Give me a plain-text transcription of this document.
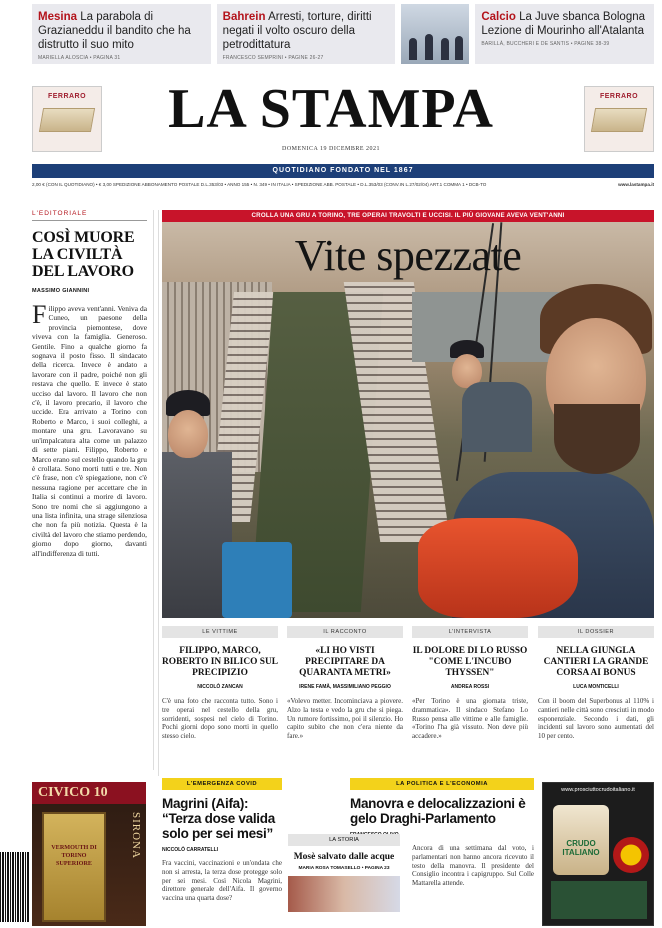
Mesina La parabola di Grazianeddu il bandito che ha distrutto il suo mito
MARIELLA ALOSCIA • PAGINA 31
Bahrein Arresti, torture, diritti negati il volto oscuro della petrodittatura
FRANCESCO SEMPRINI • PAGINE 26-27
Calcio La Juve sbanca Bologna Lezione di Mourinho all'Atalanta
BARILLÀ, BUCCHERI E DE SANTIS • PAGINE 38-39
FERRARO	LA STAMPA
DOMENICA 19 DICEMBRE 2021
FERRARO
QUOTIDIANO FONDATO NEL 1867
2,00 € (CON IL QUOTIDIANO) • € 3,00 SPEDIZIONE ABBONAMENTO POSTALE D.L.353/03 • ANNO 155 • N. 349 • IN ITALIA • SPEDIZIONE ABB. POSTALE • D.L.353/03 (CONV.IN L.27/02/04) ART.1 COMMA 1 • DCB-TO	www.lastampa.it
L'EDITORIALE
COSÌ MUORE LA CIVILTÀ DEL LAVORO
MASSIMO GIANNINI
Filippo aveva vent'anni. Veniva da Cuneo, un paesone della provincia piemontese, dove viveva con la famiglia. Generoso. Gentile. Fino a qualche giorno fa sognava il posto fisso. Il sindacato della ricerca. Invece è andato a lavorare con il padre, poiché non gli restava che quello. E invece è stato ucciso dal lavoro. Il lavoro che non c'è, il lavoro precario, il lavoro che uccide. Era arrivato a Torino con Roberto e Marco, i suoi colleghi, a montare una gru. Lavoravano su un'impalcatura alta come un palazzo di sette piani. Filippo, Roberto e Marco erano sul cestello quando la gru è crollata. Sono morti tutti e tre. Non c'è frase, non c'è spiegazione, non c'è nessuna ragione per accettare che in Italia si continui a morire di lavoro. Sono tre nomi che si aggiungono a una lista infinita, una strage silenziosa che non fa più notizia. Questa è la civiltà del lavoro che stiamo perdendo, giorno dopo giorno, davanti all'indifferenza di tutti.
CROLLA UNA GRU A TORINO, TRE OPERAI TRAVOLTI E UCCISI. IL PIÙ GIOVANE AVEVA VENT'ANNI
Vite spezzate
LE VITTIME
FILIPPO, MARCO, ROBERTO IN BILICO SUL PRECIPIZIO
NICCOLÒ ZANCAN
C'è una foto che racconta tutto. Sono i tre operai nel cestello della gru, sorridenti, sospesi nel cielo di Torino. Pochi giorni dopo sono morti in quello stesso cielo.
IL RACCONTO
«LI HO VISTI PRECIPITARE DA QUARANTA METRI»
IRENE FAMÀ, MASSIMILIANO PEGGIO
«Volevo metter. Incominciava a piovere. Alzo la testa e vedo la gru che si piega. Un rumore fortissimo, poi il silenzio. Ho capito subito che non c'era niente da fare.»
L'INTERVISTA
IL DOLORE DI LO RUSSO "COME L'INCUBO THYSSEN"
ANDREA ROSSI
«Per Torino è una giornata triste, drammatica». Il sindaco Stefano Lo Russo pensa alle vittime e alle famiglie. «Torino l'ha già vissuto. Non deve più accadere.»
IL DOSSIER
NELLA GIUNGLA CANTIERI LA GRANDE CORSA AI BONUS
LUCA MONTICELLI
Con il boom del Superbonus al 110% i cantieri nelle città sono cresciuti in modo esponenziale. Secondo i dati, gli incidenti sul lavoro sono aumentati del 10 per cento.
CIVICO 10
VERMOUTH DI TORINO SUPERIORE
SIRONA
L'EMERGENZA COVID
Magrini (Aifa): “Terza dose valida solo per sei mesi”
NICCOLÒ CARRATELLI
Fra vaccini, vaccinazioni e un'ondata che non si arresta, la terza dose protegge solo per sei mesi. Così Nicola Magrini, direttore generale dell'Aifa. Il governo vaccina una quarta dose?
LA POLITICA E L'ECONOMIA
Manovra e delocalizzazioni è gelo Draghi-Parlamento
Ancora di una settimana dal voto, i parlamentari non hanno ancora ricevuto il testo della manovra. Il presidente del Consiglio incontra i capigruppo. Sul Colle Mattarella attende.
LA STORIA
Mosè salvato dalle acque
MARIA ROSA TOMASELLO • PAGINA 23
www.prosciuttocrudoitaliano.it
CRUDO ITALIANO
